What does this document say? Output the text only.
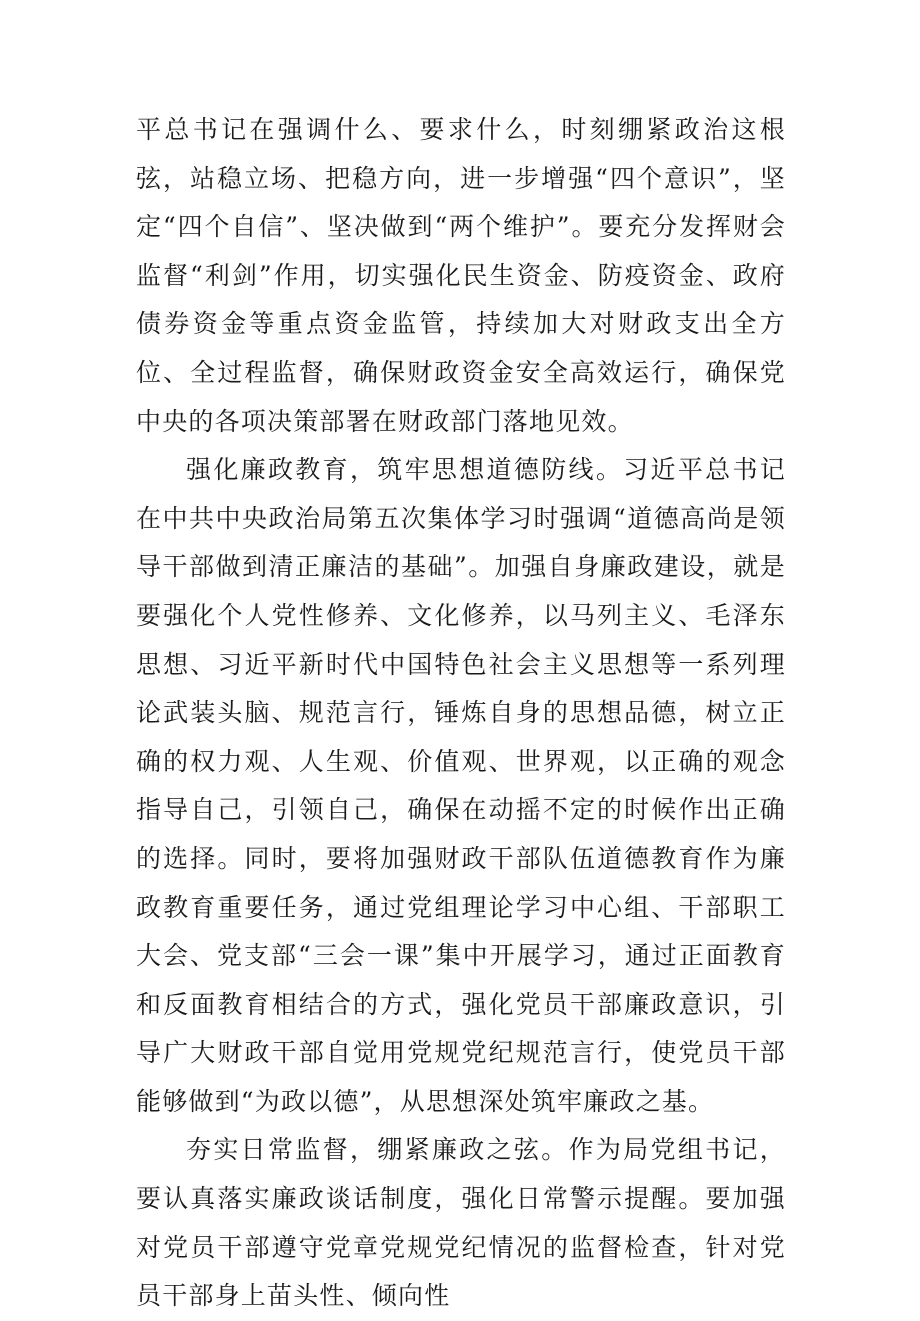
平总书记在强调什么、要求什么，时刻绷紧政治这根弦，站稳立场、把稳方向，进一步增强“四个意识”，坚定“四个自信”、坚决做到“两个维护”。要充分发挥财会监督“利剑”作用，切实强化民生资金、防疫资金、政府债券资金等重点资金监管，持续加大对财政支出全方位、全过程监督，确保财政资金安全高效运行，确保党中央的各项决策部署在财政部门落地见效。

强化廉政教育，筑牢思想道德防线。习近平总书记在中共中央政治局第五次集体学习时强调“道德高尚是领导干部做到清正廉洁的基础”。加强自身廉政建设，就是要强化个人党性修养、文化修养，以马列主义、毛泽东思想、习近平新时代中国特色社会主义思想等一系列理论武装头脑、规范言行，锤炼自身的思想品德，树立正确的权力观、人生观、价值观、世界观，以正确的观念指导自己，引领自己，确保在动摇不定的时候作出正确的选择。同时，要将加强财政干部队伍道德教育作为廉政教育重要任务，通过党组理论学习中心组、干部职工大会、党支部“三会一课”集中开展学习，通过正面教育和反面教育相结合的方式，强化党员干部廉政意识，引导广大财政干部自觉用党规党纪规范言行，使党员干部能够做到“为政以德”，从思想深处筑牢廉政之基。

夯实日常监督，绷紧廉政之弦。作为局党组书记，要认真落实廉政谈话制度，强化日常警示提醒。要加强对党员干部遵守党章党规党纪情况的监督检查，针对党员干部身上苗头性、倾向性
